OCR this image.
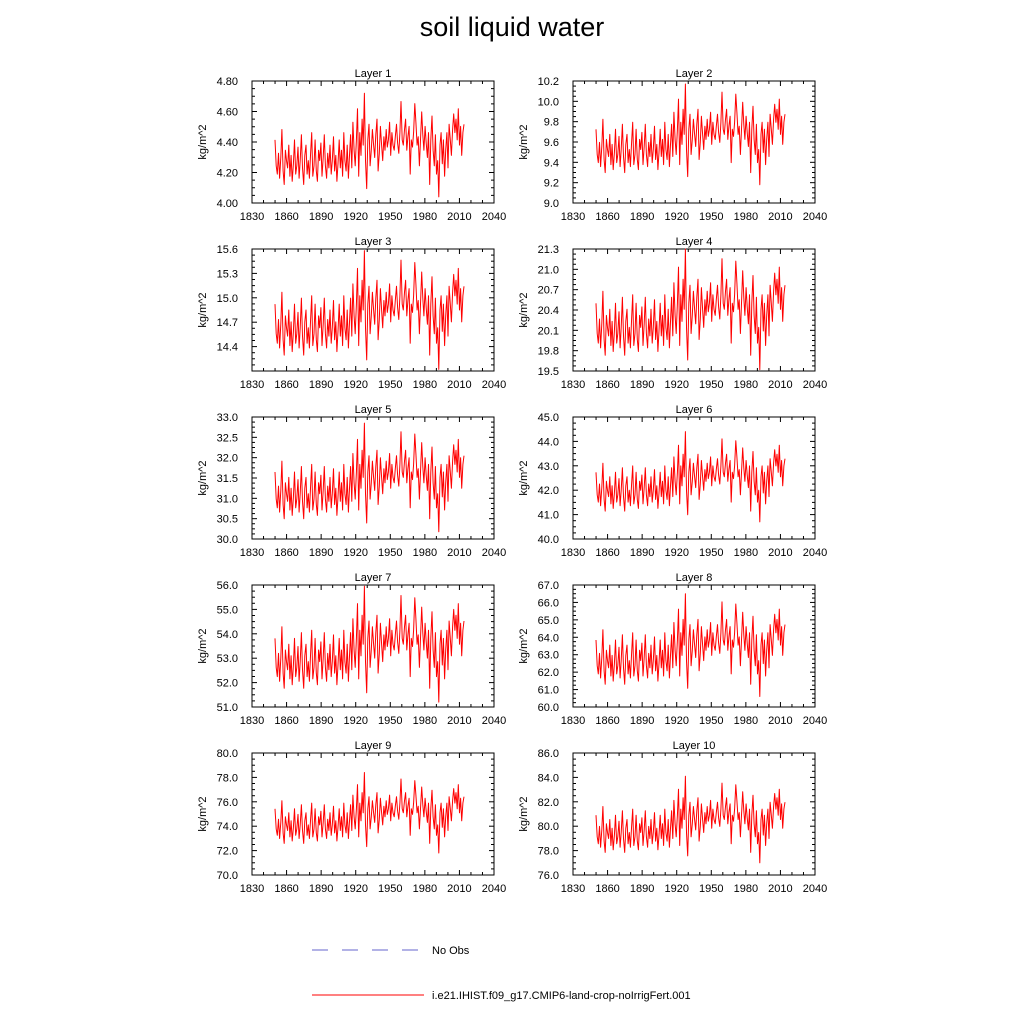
soil liquid water
Layer 1
kg/m^2
1830 1860 1890 1920 1950 1980 2010 2040
4.00
4.20
4.40
4.60
4.80
Layer 2
kg/m^2
1830 1860 1890 1920 1950 1980 2010 2040
9.0
9.2
9.4
9.6
9.8
10.0
10.2
Layer 3
kg/m^2
1830 1860 1890 1920 1950 1980 2010 2040
14.4
14.7
15.0
15.3
15.6
Layer 4
kg/m^2
1830 1860 1890 1920 1950 1980 2010 2040
19.5
19.8
20.1
20.4
20.7
21.0
21.3
Layer 5
kg/m^2
1830 1860 1890 1920 1950 1980 2010 2040
30.0
30.5
31.0
31.5
32.0
32.5
33.0
Layer 6
kg/m^2
1830 1860 1890 1920 1950 1980 2010 2040
40.0
41.0
42.0
43.0
44.0
45.0
Layer 7
kg/m^2
1830 1860 1890 1920 1950 1980 2010 2040
51.0
52.0
53.0
54.0
55.0
56.0
Layer 8
kg/m^2
1830 1860 1890 1920 1950 1980 2010 2040
60.0
61.0
62.0
63.0
64.0
65.0
66.0
67.0
Layer 9
kg/m^2
1830 1860 1890 1920 1950 1980 2010 2040
70.0
72.0
74.0
76.0
78.0
80.0
Layer 10
kg/m^2
1830 1860 1890 1920 1950 1980 2010 2040
76.0
78.0
80.0
82.0
84.0
86.0
No Obs
i.e21.IHIST.f09_g17.CMIP6-land-crop-noIrrigFert.001
